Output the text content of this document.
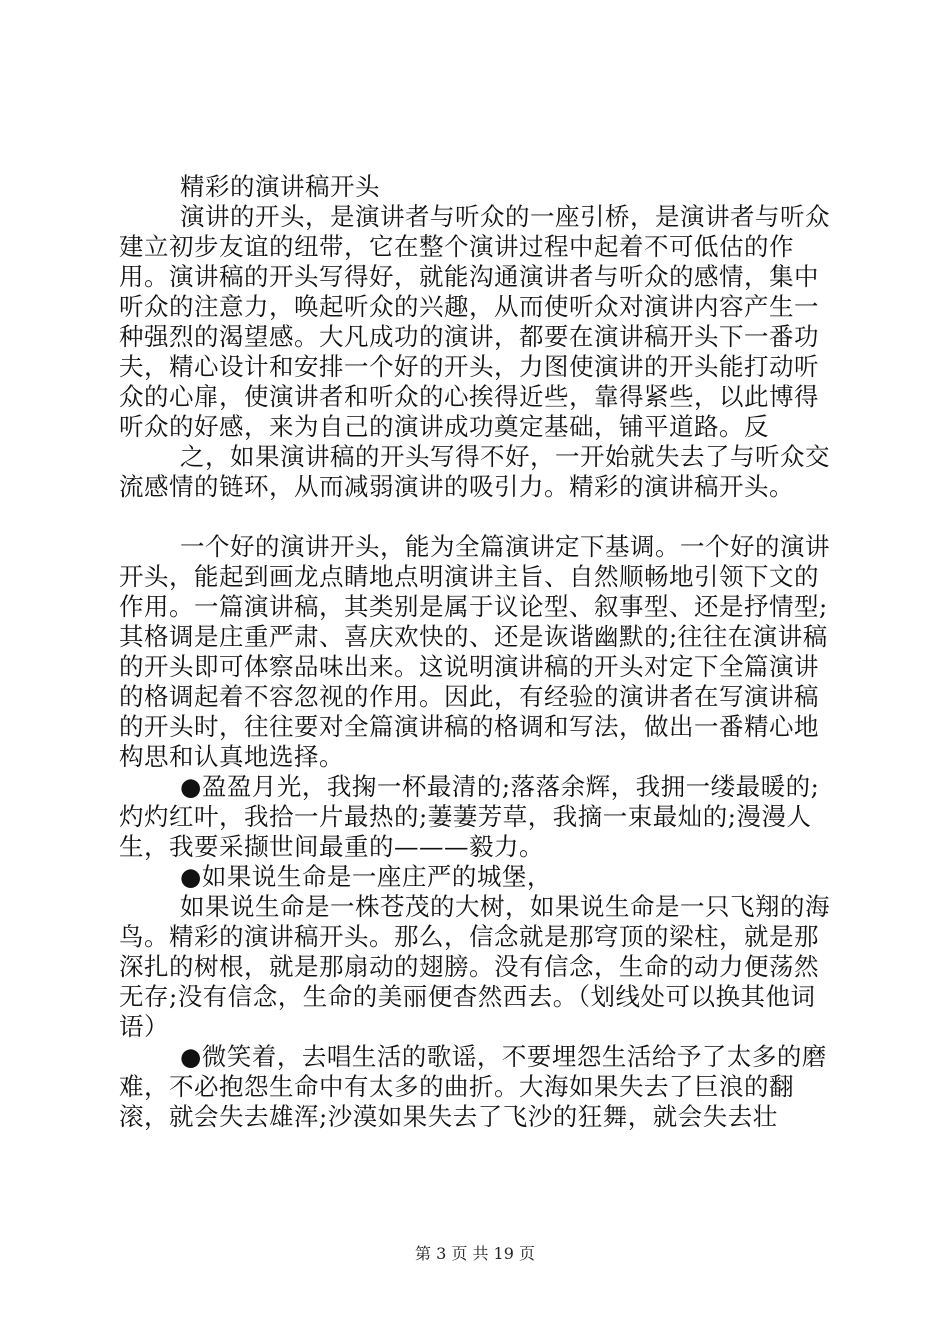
精彩的演讲稿开头

演讲的开头，是演讲者与听众的一座引桥，是演讲者与听众建立初步友谊的纽带，它在整个演讲过程中起着不可低估的作用。演讲稿的开头写得好，就能沟通演讲者与听众的感情，集中听众的注意力，唤起听众的兴趣，从而使听众对演讲内容产生一种强烈的渴望感。大凡成功的演讲，都要在演讲稿开头下一番功夫，精心设计和安排一个好的开头，力图使演讲的开头能打动听众的心扉，使演讲者和听众的心挨得近些，靠得紧些，以此博得听众的好感，来为自己的演讲成功奠定基础，铺平道路。反

之，如果演讲稿的开头写得不好，一开始就失去了与听众交流感情的链环，从而减弱演讲的吸引力。精彩的演讲稿开头。

一个好的演讲开头，能为全篇演讲定下基调。一个好的演讲开头，能起到画龙点睛地点明演讲主旨、自然顺畅地引领下文的作用。一篇演讲稿，其类别是属于议论型、叙事型、还是抒情型;其格调是庄重严肃、喜庆欢快的、还是诙谐幽默的;往往在演讲稿的开头即可体察品味出来。这说明演讲稿的开头对定下全篇演讲的格调起着不容忽视的作用。因此，有经验的演讲者在写演讲稿的开头时，往往要对全篇演讲稿的格调和写法，做出一番精心地构思和认真地选择。

●盈盈月光，我掬一杯最清的;落落余辉，我拥一缕最暖的;灼灼红叶，我拾一片最热的;萋萋芳草，我摘一束最灿的;漫漫人生，我要采撷世间最重的———毅力。

●如果说生命是一座庄严的城堡，

如果说生命是一株苍茂的大树，如果说生命是一只飞翔的海鸟。精彩的演讲稿开头。那么，信念就是那穹顶的梁柱，就是那深扎的树根，就是那扇动的翅膀。没有信念，生命的动力便荡然无存;没有信念，生命的美丽便杳然西去。（划线处可以换其他词语）

●微笑着，去唱生活的歌谣，不要埋怨生活给予了太多的磨难，不必抱怨生命中有太多的曲折。大海如果失去了巨浪的翻滚，就会失去雄浑;沙漠如果失去了飞沙的狂舞，就会失去壮

第 3 页 共 19 页
